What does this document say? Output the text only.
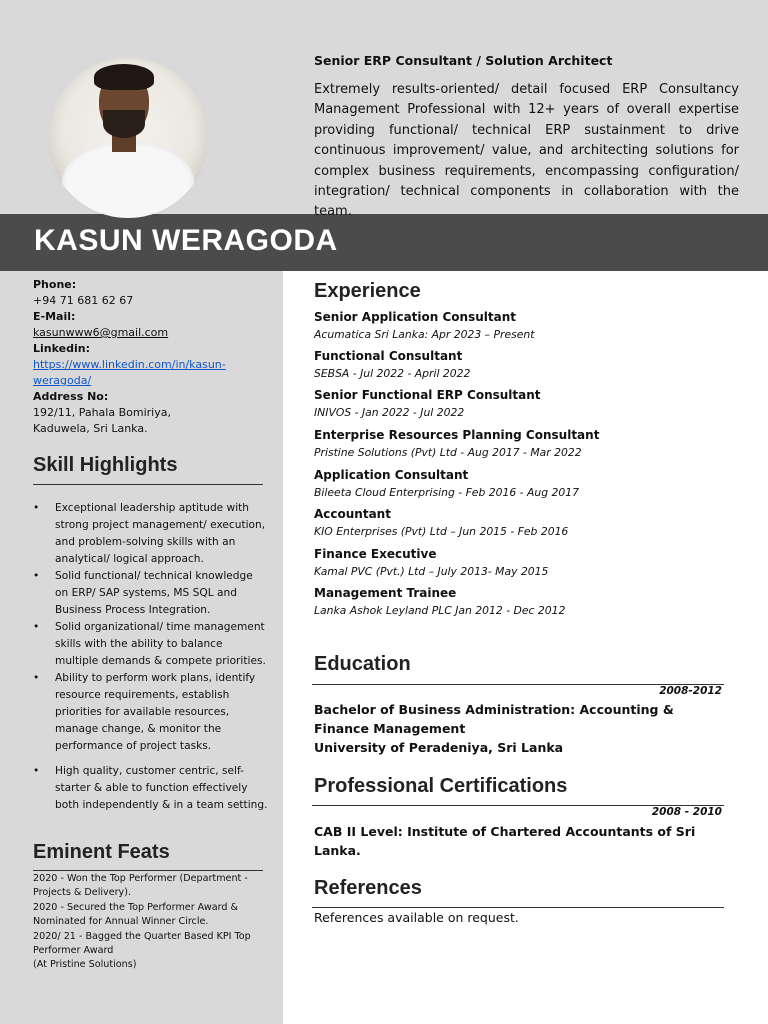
KASUN WERAGODA
Senior ERP Consultant / Solution Architect
Extremely results-oriented/ detail focused ERP Consultancy Management Professional with 12+ years of overall expertise providing functional/ technical ERP sustainment to drive continuous improvement/ value, and architecting solutions for complex business requirements, encompassing configuration/ integration/ technical components in collaboration with the team.
Phone:
+94 71 681 62 67
E-Mail:
kasunwww6@gmail.com
Linkedin:
https://www.linkedin.com/in/kasun-
weragoda/
Address No:
192/11, Pahala Bomiriya,
Kaduwela, Sri Lanka.
Skill Highlights
• Exceptional leadership aptitude with strong project management/ execution, and problem-solving skills with an analytical/ logical approach.
• Solid functional/ technical knowledge on ERP/ SAP systems, MS SQL and Business Process Integration.
• Solid organizational/ time management skills with the ability to balance multiple demands & compete priorities.
• Ability to perform work plans, identify resource requirements, establish priorities for available resources, manage change, & monitor the performance of project tasks.
• High quality, customer centric, self-starter & able to function effectively both independently & in a team setting.
Eminent Feats
2020 - Won the Top Performer (Department -
Projects & Delivery).
2020 - Secured the Top Performer Award &
Nominated for Annual Winner Circle.
2020/ 21 - Bagged the Quarter Based KPI Top
Performer Award
(At Pristine Solutions)
Experience
Senior Application Consultant
Acumatica Sri Lanka: Apr 2023 – Present
Functional Consultant
SEBSA - Jul 2022 - April 2022
Senior Functional ERP Consultant
INIVOS - Jan 2022 - Jul 2022
Enterprise Resources Planning Consultant
Pristine Solutions (Pvt) Ltd - Aug 2017 - Mar 2022
Application Consultant
Bileeta Cloud Enterprising - Feb 2016 - Aug 2017
Accountant
KIO Enterprises (Pvt) Ltd – Jun 2015 - Feb 2016
Finance Executive
Kamal PVC (Pvt.) Ltd – July 2013- May 2015
Management Trainee
Lanka Ashok Leyland PLC Jan 2012 - Dec 2012
Education
2008-2012
Bachelor of Business Administration: Accounting & Finance Management
University of Peradeniya, Sri Lanka
Professional Certifications
2008 - 2010
CAB II Level: Institute of Chartered Accountants of Sri Lanka.
References
References available on request.
